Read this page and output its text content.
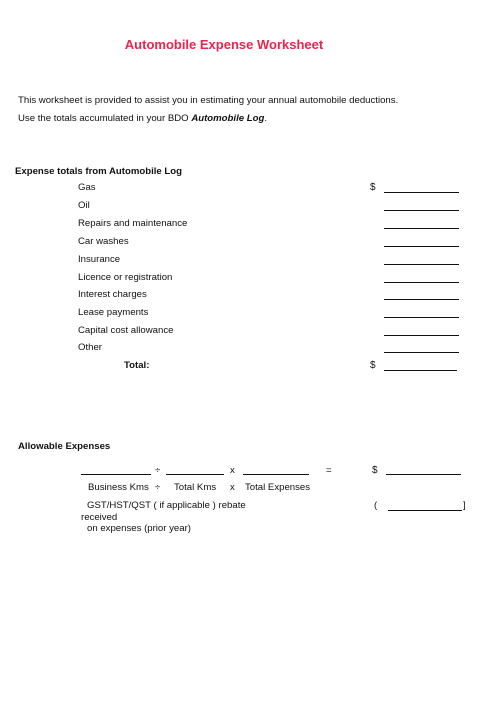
Automobile Expense Worksheet
This worksheet is provided to assist you in estimating your annual automobile deductions.
Use the totals accumulated in your BDO Automobile Log.
Expense totals from Automobile Log
Gas	$
Oil
Repairs and maintenance
Car washes
Insurance
Licence or registration
Interest charges
Lease payments
Capital cost allowance
Other
Total:	$
Allowable Expenses
÷	x	=	$
Business Kms ÷ Total Kms x Total Expenses
GST/HST/QST ( if applicable ) rebate
received
on expenses (prior year)
(	]
